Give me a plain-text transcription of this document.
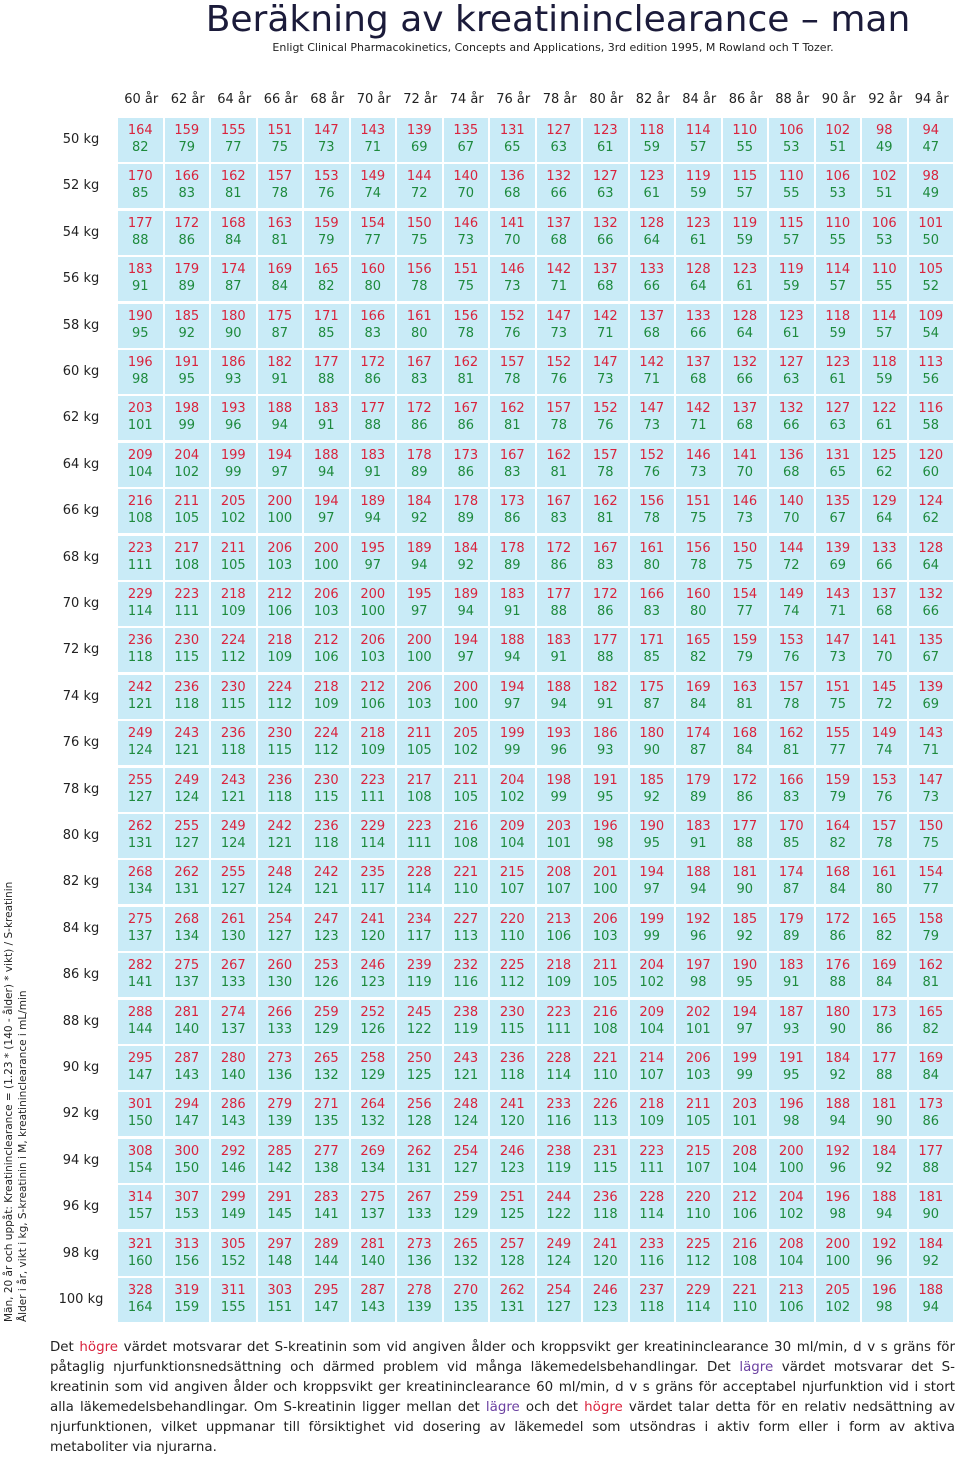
Beräkning av kreatininclearance – man
Enligt Clinical Pharmacokinetics, Concepts and Applications, 3rd edition 1995, M Rowland och T Tozer.
Män, 20 år och uppåt: Kreatininclearance = (1.23 * (140 - ålder) * vikt) / S-kreatinin Ålder i år, vikt i kg, S-kreatinin i M, kreatininclearance i mL/min
60 år 62 år 64 år 66 år 68 år 70 år 72 år 74 år 76 år 78 år 80 år 82 år 84 år 86 år 88 år 90 år 92 år 94 år
50 kg
164
82
159
79
155
77
151
75
147
73
143
71
139
69
135
67
131
65
127
63
123
61
118
59
114
57
110
55
106
53
102
51
98
49
94
47
52 kg
170
85
166
83
162
81
157
78
153
76
149
74
144
72
140
70
136
68
132
66
127
63
123
61
119
59
115
57
110
55
106
53
102
51
98
49
54 kg
177
88
172
86
168
84
163
81
159
79
154
77
150
75
146
73
141
70
137
68
132
66
128
64
123
61
119
59
115
57
110
55
106
53
101
50
56 kg
183
91
179
89
174
87
169
84
165
82
160
80
156
78
151
75
146
73
142
71
137
68
133
66
128
64
123
61
119
59
114
57
110
55
105
52
58 kg
190
95
185
92
180
90
175
87
171
85
166
83
161
80
156
78
152
76
147
73
142
71
137
68
133
66
128
64
123
61
118
59
114
57
109
54
60 kg
196
98
191
95
186
93
182
91
177
88
172
86
167
83
162
81
157
78
152
76
147
73
142
71
137
68
132
66
127
63
123
61
118
59
113
56
62 kg
203
101
198
99
193
96
188
94
183
91
177
88
172
86
167
86
162
81
157
78
152
76
147
73
142
71
137
68
132
66
127
63
122
61
116
58
64 kg
209
104
204
102
199
99
194
97
188
94
183
91
178
89
173
86
167
83
162
81
157
78
152
76
146
73
141
70
136
68
131
65
125
62
120
60
66 kg
216
108
211
105
205
102
200
100
194
97
189
94
184
92
178
89
173
86
167
83
162
81
156
78
151
75
146
73
140
70
135
67
129
64
124
62
68 kg
223
111
217
108
211
105
206
103
200
100
195
97
189
94
184
92
178
89
172
86
167
83
161
80
156
78
150
75
144
72
139
69
133
66
128
64
70 kg
229
114
223
111
218
109
212
106
206
103
200
100
195
97
189
94
183
91
177
88
172
86
166
83
160
80
154
77
149
74
143
71
137
68
132
66
72 kg
236
118
230
115
224
112
218
109
212
106
206
103
200
100
194
97
188
94
183
91
177
88
171
85
165
82
159
79
153
76
147
73
141
70
135
67
74 kg
242
121
236
118
230
115
224
112
218
109
212
106
206
103
200
100
194
97
188
94
182
91
175
87
169
84
163
81
157
78
151
75
145
72
139
69
76 kg
249
124
243
121
236
118
230
115
224
112
218
109
211
105
205
102
199
99
193
96
186
93
180
90
174
87
168
84
162
81
155
77
149
74
143
71
78 kg
255
127
249
124
243
121
236
118
230
115
223
111
217
108
211
105
204
102
198
99
191
95
185
92
179
89
172
86
166
83
159
79
153
76
147
73
80 kg
262
131
255
127
249
124
242
121
236
118
229
114
223
111
216
108
209
104
203
101
196
98
190
95
183
91
177
88
170
85
164
82
157
78
150
75
82 kg
268
134
262
131
255
127
248
124
242
121
235
117
228
114
221
110
215
107
208
107
201
100
194
97
188
94
181
90
174
87
168
84
161
80
154
77
84 kg
275
137
268
134
261
130
254
127
247
123
241
120
234
117
227
113
220
110
213
106
206
103
199
99
192
96
185
92
179
89
172
86
165
82
158
79
86 kg
282
141
275
137
267
133
260
130
253
126
246
123
239
119
232
116
225
112
218
109
211
105
204
102
197
98
190
95
183
91
176
88
169
84
162
81
88 kg
288
144
281
140
274
137
266
133
259
129
252
126
245
122
238
119
230
115
223
111
216
108
209
104
202
101
194
97
187
93
180
90
173
86
165
82
90 kg
295
147
287
143
280
140
273
136
265
132
258
129
250
125
243
121
236
118
228
114
221
110
214
107
206
103
199
99
191
95
184
92
177
88
169
84
92 kg
301
150
294
147
286
143
279
139
271
135
264
132
256
128
248
124
241
120
233
116
226
113
218
109
211
105
203
101
196
98
188
94
181
90
173
86
94 kg
308
154
300
150
292
146
285
142
277
138
269
134
262
131
254
127
246
123
238
119
231
115
223
111
215
107
208
104
200
100
192
96
184
92
177
88
96 kg
314
157
307
153
299
149
291
145
283
141
275
137
267
133
259
129
251
125
244
122
236
118
228
114
220
110
212
106
204
102
196
98
188
94
181
90
98 kg
321
160
313
156
305
152
297
148
289
144
281
140
273
136
265
132
257
128
249
124
241
120
233
116
225
112
216
108
208
104
200
100
192
96
184
92
100 kg
328
164
319
159
311
155
303
151
295
147
287
143
278
139
270
135
262
131
254
127
246
123
237
118
229
114
221
110
213
106
205
102
196
98
188
94
Det högre värdet motsvarar det S-kreatinin som vid angiven ålder och kroppsvikt ger kreatininclearance 30 ml/min, d v s gräns för påtaglig njurfunktionsnedsättning och därmed problem vid många läkemedelsbehandlingar. Det lägre värdet motsvarar det S-kreatinin som vid angiven ålder och kroppsvikt ger kreatininclearance 60 ml/min, d v s gräns för acceptabel njurfunktion vid i stort alla läkemedelsbehandlingar. Om S-kreatinin ligger mellan det lägre och det högre värdet talar detta för en relativ nedsättning av njurfunktionen, vilket uppmanar till försiktighet vid dosering av läkemedel som utsöndras i aktiv form eller i form av aktiva metaboliter via njurarna.
